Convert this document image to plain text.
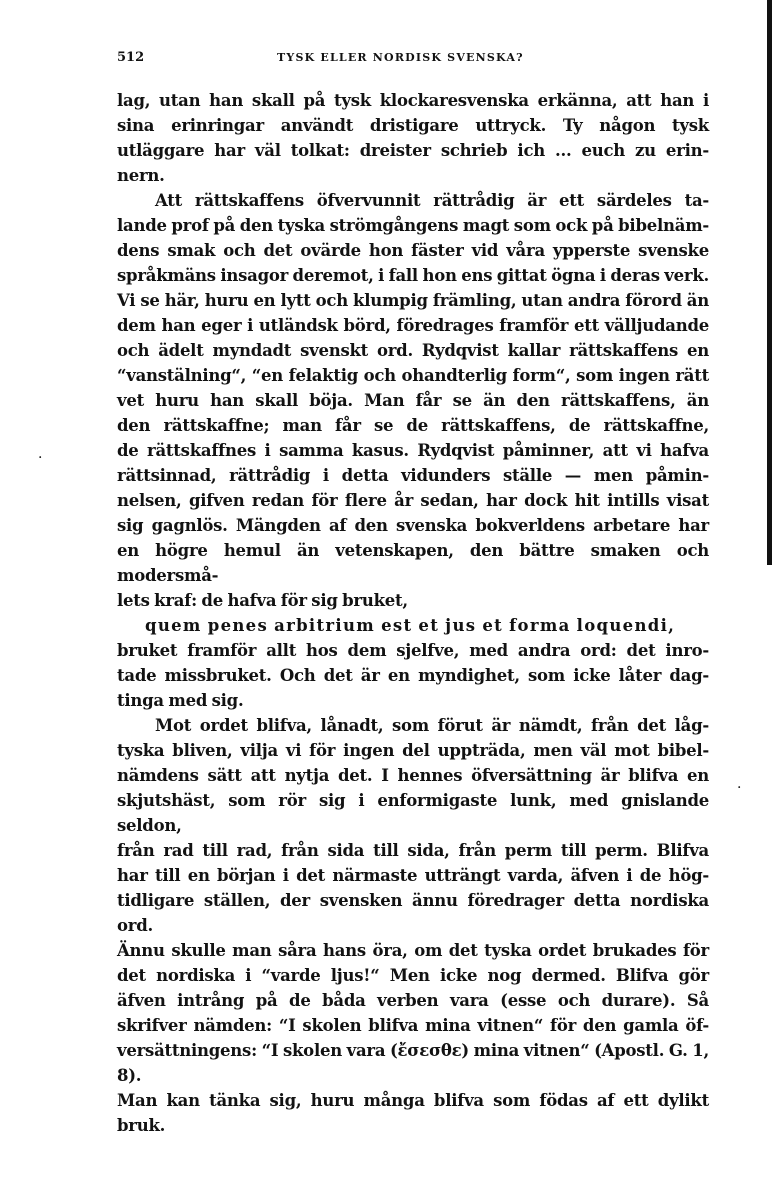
512	TYSK ELLER NORDISK SVENSKA?

lag, utan han skall på tysk klockaresvenska erkänna, att han i

sina erinringar användt dristigare uttryck. Ty någon tysk

utläggare har väl tolkat: dreister schrieb ich ... euch zu erin-

nern.

Att rättskaffens öfvervunnit rättrådig är ett särdeles ta-

lande prof på den tyska strömgångens magt som ock på bibelnäm-

dens smak och det ovärde hon fäster vid våra ypperste svenske

språkmäns insagor deremot, i fall hon ens gittat ögna i deras verk.

Vi se här, huru en lytt och klumpig främling, utan andra förord än

dem han eger i utländsk börd, föredrages framför ett välljudande

och ädelt myndadt svenskt ord. Rydqvist kallar rättskaffens en

“vanstälning“, “en felaktig och ohandterlig form“, som ingen rätt

vet huru han skall böja. Man får se än den rättskaffens, än

den rättskaffne; man får se de rättskaffens, de rättskaffne,

de rättskaffnes i samma kasus. Rydqvist påminner, att vi hafva

rättsinnad, rättrådig i detta vidunders ställe — men påmin-

nelsen, gifven redan för flere år sedan, har dock hit intills visat

sig gagnlös. Mängden af den svenska bokverldens arbetare har

en högre hemul än vetenskapen, den bättre smaken och modersmå-

lets kraf: de hafva för sig bruket,

quem penes arbitrium est et jus et forma loquendi,

bruket framför allt hos dem sjelfve, med andra ord: det inro-

tade missbruket. Och det är en myndighet, som icke låter dag-

tinga med sig.

Mot ordet blifva, lånadt, som förut är nämdt, från det låg-

tyska bliven, vilja vi för ingen del uppträda, men väl mot bibel-

nämdens sätt att nytja det. I hennes öfversättning är blifva en

skjutshäst, som rör sig i enformigaste lunk, med gnislande seldon,

från rad till rad, från sida till sida, från perm till perm. Blifva

har till en början i det närmaste utträngt varda, äfven i de hög-

tidligare ställen, der svensken ännu föredrager detta nordiska ord.

Ännu skulle man såra hans öra, om det tyska ordet brukades för

det nordiska i “varde ljus!“ Men icke nog dermed. Blifva gör

äfven intrång på de båda verben vara (esse och durare). Så

skrifver nämden: “I skolen blifva mina vitnen“ för den gamla öf-

versättningens: “I skolen vara (ἔσεσθε) mina vitnen“ (Apostl. G. 1, 8).

Man kan tänka sig, huru många blifva som födas af ett dylikt bruk.

·
·
